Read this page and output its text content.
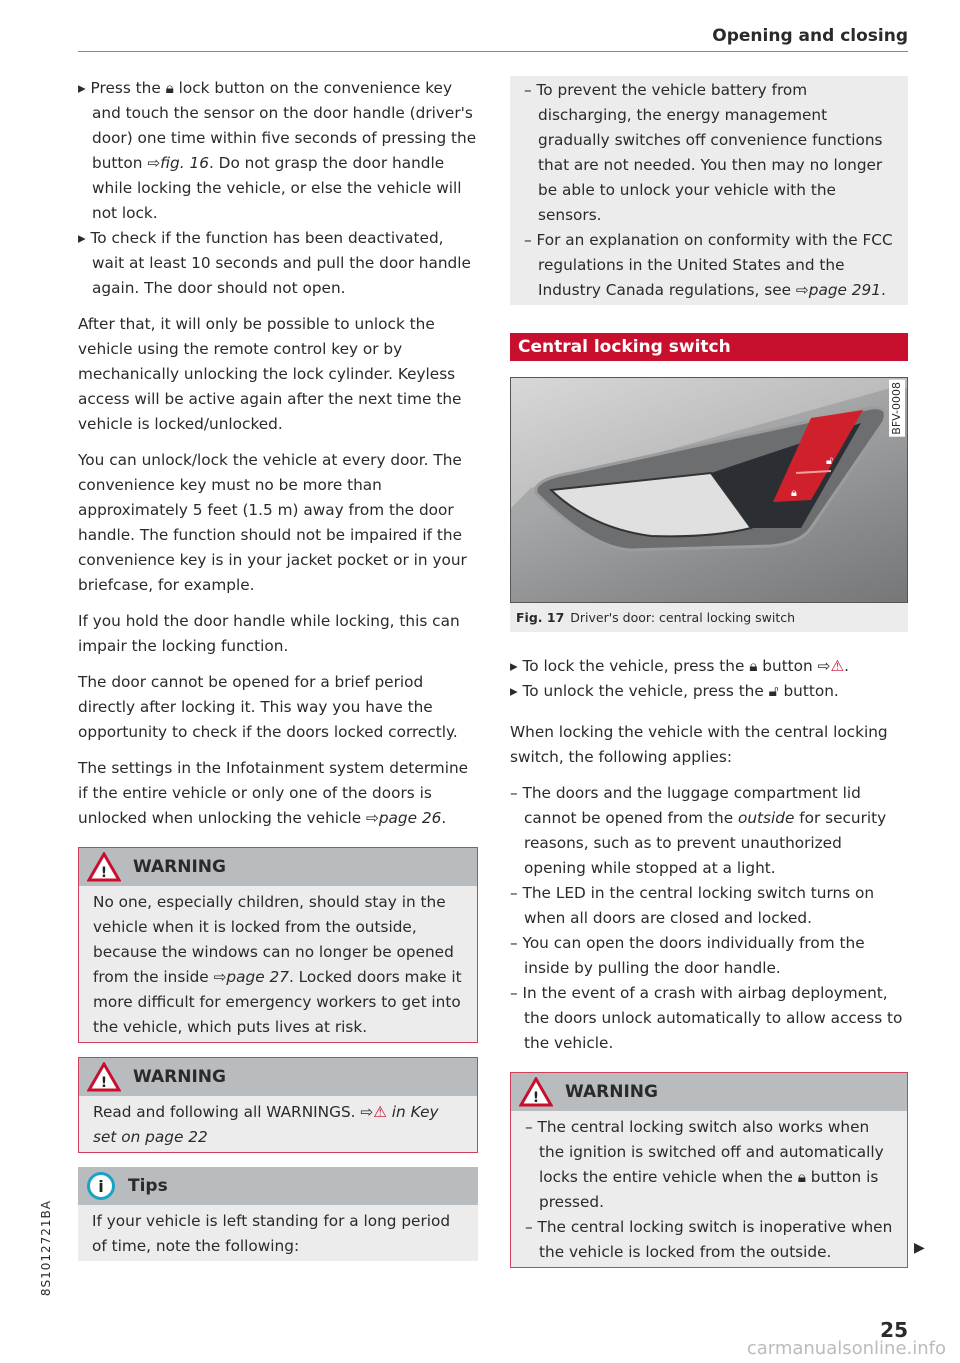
Opening and closing

▸ Press the 🔒︎ lock button on the convenience key and touch the sensor on the door handle (driver's door) one time within five seconds of pressing the button ⇨fig. 16. Do not grasp the door handle while locking the vehicle, or else the vehicle will not lock.

▸ To check if the function has been deactivated, wait at least 10 seconds and pull the door handle again. The door should not open.

After that, it will only be possible to unlock the vehicle using the remote control key or by mechanically unlocking the lock cylinder. Keyless access will be active again after the next time the vehicle is locked/unlocked.

You can unlock/lock the vehicle at every door. The convenience key must no be more than approximately 5 feet (1.5 m) away from the door handle. The function should not be impaired if the convenience key is in your jacket pocket or in your briefcase, for example.

If you hold the door handle while locking, this can impair the locking function.

The door cannot be opened for a brief period directly after locking it. This way you have the opportunity to check if the doors locked correctly.

The settings in the Infotainment system determine if the entire vehicle or only one of the doors is unlocked when unlocking the vehicle ⇨page 26.

! WARNING
No one, especially children, should stay in the vehicle when it is locked from the outside, because the windows can no longer be opened from the inside ⇨page 27. Locked doors make it more difficult for emergency workers to get into the vehicle, which puts lives at risk.
! WARNING
Read and following all WARNINGS. ⇨⚠︎ in Key set on page 22
i Tips
If your vehicle is left standing for a long period of time, note the following:

– To prevent the vehicle battery from discharging, the energy management gradually switches off convenience functions that are not needed. You then may no longer be able to unlock your vehicle with the sensors.

– For an explanation on conformity with the FCC regulations in the United States and the Industry Canada regulations, see ⇨page 291.

Central locking switch
🔓︎
🔒︎
BFV-0008
Fig. 17 Driver's door: central locking switch

▸ To lock the vehicle, press the 🔒︎ button ⇨⚠︎.

▸ To unlock the vehicle, press the 🔓︎ button.

When locking the vehicle with the central locking switch, the following applies:

– The doors and the luggage compartment lid cannot be opened from the outside for security reasons, such as to prevent unauthorized opening while stopped at a light.

– The LED in the central locking switch turns on when all doors are closed and locked.

– You can open the doors individually from the inside by pulling the door handle.

– In the event of a crash with airbag deployment, the doors unlock automatically to allow access to the vehicle.

! WARNING

– The central locking switch also works when the ignition is switched off and automatically locks the entire vehicle when the 🔒︎ button is pressed.

– The central locking switch is inoperative when the vehicle is locked from the outside.	▶
8S1012721BA
25
carmanualsonline.info
